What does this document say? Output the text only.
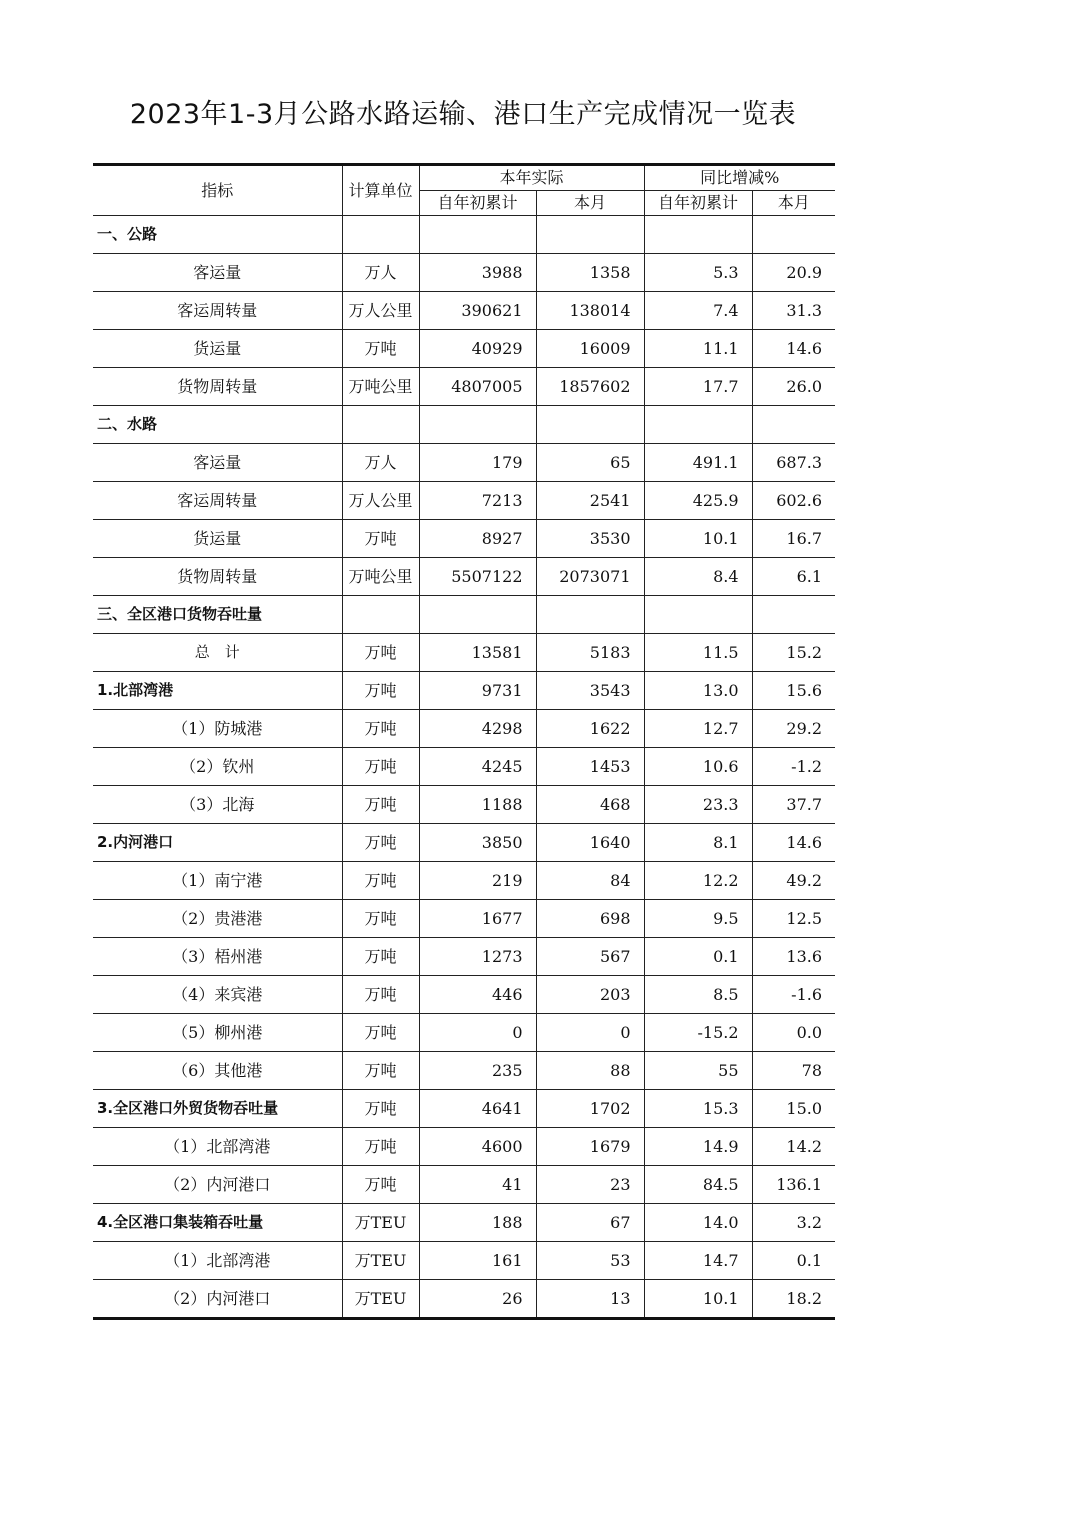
2023年1-3月公路水路运输、港口生产完成情况一览表
指标	计算单位	本年实际		同比增减%	
		自年初累计	本月	自年初累计	本月
一、公路					
客运量	万人	3988	1358	5.3	20.9
客运周转量	万人公里	390621	138014	7.4	31.3
货运量	万吨	40929	16009	11.1	14.6
货物周转量	万吨公里	4807005	1857602	17.7	26.0
二、水路					
客运量	万人	179	65	491.1	687.3
客运周转量	万人公里	7213	2541	425.9	602.6
货运量	万吨	8927	3530	10.1	16.7
货物周转量	万吨公里	5507122	2073071	8.4	6.1
三、全区港口货物吞吐量					
总　计	万吨	13581	5183	11.5	15.2
1.北部湾港	万吨	9731	3543	13.0	15.6
（1）防城港	万吨	4298	1622	12.7	29.2
（2）钦州	万吨	4245	1453	10.6	-1.2
（3）北海	万吨	1188	468	23.3	37.7
2.内河港口	万吨	3850	1640	8.1	14.6
（1）南宁港	万吨	219	84	12.2	49.2
（2）贵港港	万吨	1677	698	9.5	12.5
（3）梧州港	万吨	1273	567	0.1	13.6
（4）来宾港	万吨	446	203	8.5	-1.6
（5）柳州港	万吨	0	0	-15.2	0.0
（6）其他港	万吨	235	88	55	78
3.全区港口外贸货物吞吐量	万吨	4641	1702	15.3	15.0
（1）北部湾港	万吨	4600	1679	14.9	14.2
（2）内河港口	万吨	41	23	84.5	136.1
4.全区港口集装箱吞吐量	万TEU	188	67	14.0	3.2
（1）北部湾港	万TEU	161	53	14.7	0.1
（2）内河港口	万TEU	26	13	10.1	18.2
